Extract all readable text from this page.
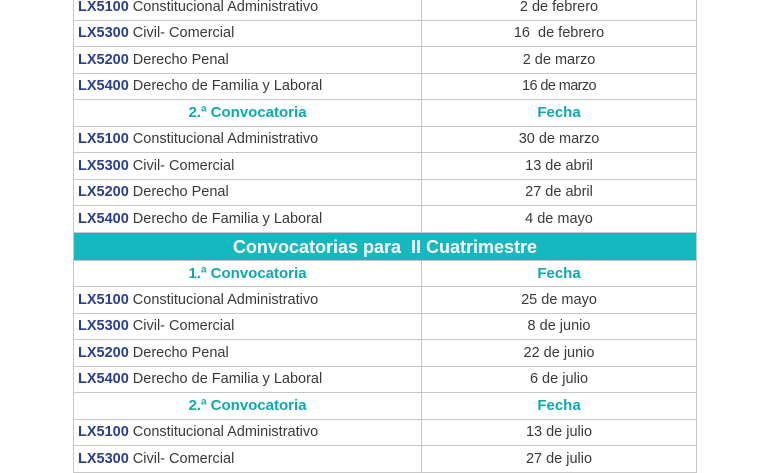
LX5100 Constitucional Administrativo	2 de febrero
LX5300 Civil- Comercial	16  de febrero
LX5200 Derecho Penal	2 de marzo
LX5400 Derecho de Familia y Laboral	16 de marzo
2.ª Convocatoria	Fecha
LX5100 Constitucional Administrativo	30 de marzo
LX5300 Civil- Comercial	13 de abril
LX5200 Derecho Penal	27 de abril
LX5400 Derecho de Familia y Laboral	4 de mayo
Convocatorias para  II Cuatrimestre
1.ª Convocatoria	Fecha
LX5100 Constitucional Administrativo	25 de mayo
LX5300 Civil- Comercial	8 de junio
LX5200 Derecho Penal	22 de junio
LX5400 Derecho de Familia y Laboral	6 de julio
2.ª Convocatoria	Fecha
LX5100 Constitucional Administrativo	13 de julio
LX5300 Civil- Comercial	27 de julio
